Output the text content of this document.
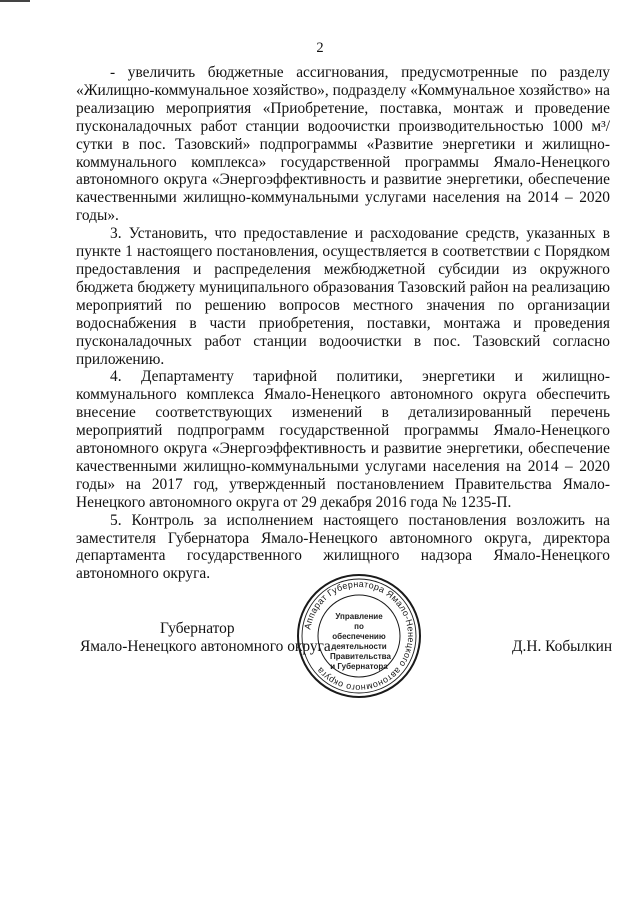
2

- увеличить бюджетные ассигнования, предусмотренные по разделу «Жилищно-коммунальное хозяйство», подразделу «Коммунальное хозяйство» на реализацию мероприятия «Приобретение, поставка, монтаж и проведение пусконаладочных работ станции водоочистки производительностью 1000 м³/сутки в пос. Тазовский» подпрограммы «Развитие энергетики и жилищно-коммунального комплекса» государственной программы Ямало-Ненецкого автономного округа «Энергоэффективность и развитие энергетики, обеспечение качественными жилищно-коммунальными услугами населения на 2014 – 2020 годы».

3. Установить, что предоставление и расходование средств, указанных в пункте 1 настоящего постановления, осуществляется в соответствии с Порядком предоставления и распределения межбюджетной субсидии из окружного бюджета бюджету муниципального образования Тазовский район на реализацию мероприятий по решению вопросов местного значения по организации водоснабжения в части приобретения, поставки, монтажа и проведения пусконаладочных работ станции водоочистки в пос. Тазовский согласно приложению.

4. Департаменту тарифной политики, энергетики и жилищно-коммунального комплекса Ямало-Ненецкого автономного округа обеспечить внесение соответствующих изменений в детализированный перечень мероприятий подпрограмм государственной программы Ямало-Ненецкого автономного округа «Энергоэффективность и развитие энергетики, обеспечение качественными жилищно-коммунальными услугами населения на 2014 – 2020 годы» на 2017 год, утвержденный постановлением Правительства Ямало-Ненецкого автономного округа от 29 декабря 2016 года № 1235-П.

5. Контроль за исполнением настоящего постановления возложить на заместителя Губернатора Ямало-Ненецкого автономного округа, директора департамента государственного жилищного надзора Ямало-Ненецкого автономного округа.

Губернатор
Ямало-Ненецкого автономного округа	Д.Н. Кобылкин
Аппарат Губернатора Ямало-Ненецкого автономного округа
Управление по
обеспечению
деятельности
Правительства
и Губернатора
